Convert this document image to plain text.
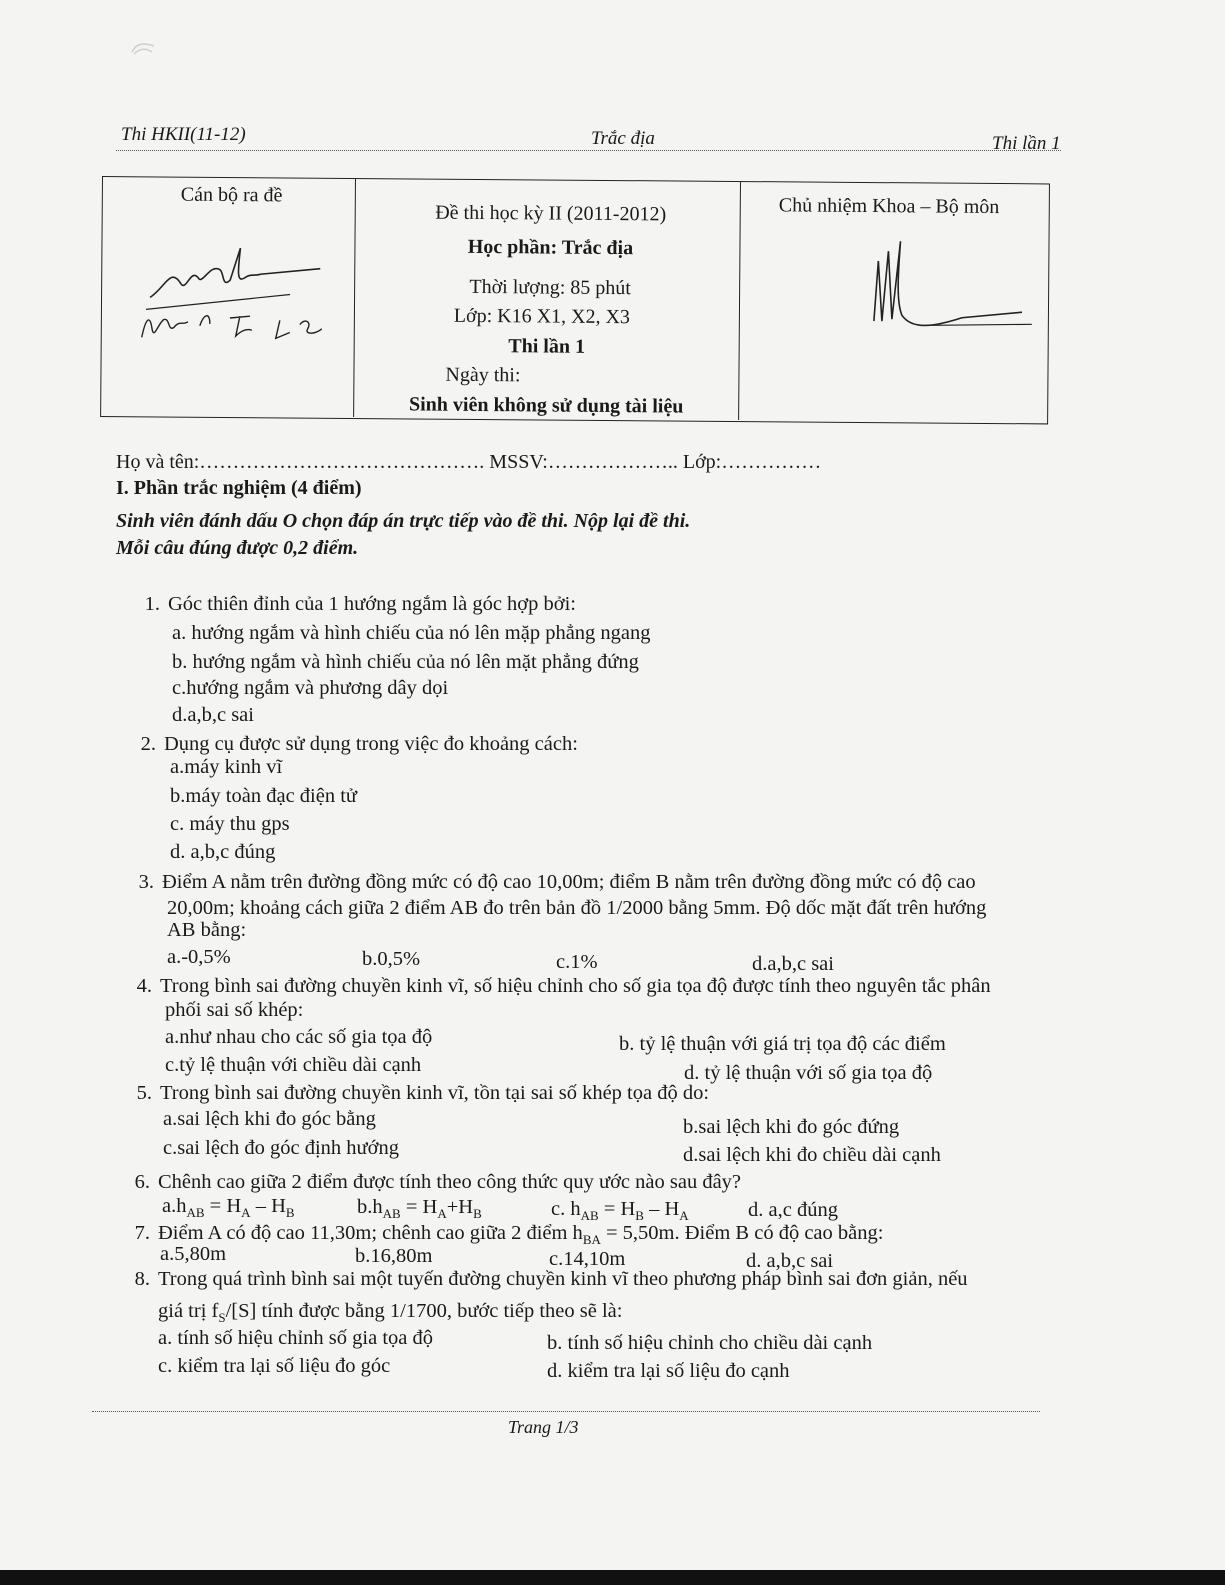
Thi HKII(11-12)	Trắc địa	Thi lần 1
Cán bộ ra đề
Đề thi học kỳ II (2011-2012)
Học phần: Trắc địa
Thời lượng: 85 phút
Lớp: K16 X1, X2, X3
Thi lần 1
Ngày thi:
Sinh viên không sử dụng tài liệu
Chủ nhiệm Khoa – Bộ môn
Họ và tên:……………………………………. MSSV:……………….. Lớp:……………
I. Phần trắc nghiệm (4 điểm)
Sinh viên đánh dấu O chọn đáp án trực tiếp vào đề thi. Nộp lại đề thi.
Mỗi câu đúng được 0,2 điểm.
1. Góc thiên đỉnh của 1 hướng ngắm là góc hợp bởi:
a. hướng ngắm và hình chiếu của nó lên mặp phẳng ngang
b. hướng ngắm và hình chiếu của nó lên mặt phẳng đứng
c.hướng ngắm và phương dây dọi
d.a,b,c sai
2. Dụng cụ được sử dụng trong việc đo khoảng cách:
a.máy kinh vĩ
b.máy toàn đạc điện tử
c. máy thu gps
d. a,b,c đúng
3. Điểm A nằm trên đường đồng mức có độ cao 10,00m; điểm B nằm trên đường đồng mức có độ cao
20,00m; khoảng cách giữa 2 điểm AB đo trên bản đồ 1/2000 bằng 5mm. Độ dốc mặt đất trên hướng
AB bằng:
a.-0,5%	b.0,5%	c.1%	d.a,b,c sai
4. Trong bình sai đường chuyền kinh vĩ, số hiệu chỉnh cho số gia tọa độ được tính theo nguyên tắc phân
phối sai số khép:
a.như nhau cho các số gia tọa độ	b. tỷ lệ thuận với giá trị tọa độ các điểm
c.tỷ lệ thuận với chiều dài cạnh	d. tỷ lệ thuận với số gia tọa độ
5. Trong bình sai đường chuyền kinh vĩ, tồn tại sai số khép tọa độ do:
a.sai lệch khi đo góc bằng	b.sai lệch khi đo góc đứng
c.sai lệch đo góc định hướng	d.sai lệch khi đo chiều dài cạnh
6. Chênh cao giữa 2 điểm được tính theo công thức quy ước nào sau đây?
$a.h_{AB} = H_A - H_B$	$b.h_{AB} = H_A+H_B$	c. $h_{AB} = H_B - H_A$	d. a,c đúng
7. Điểm A có độ cao 11,30m; chênh cao giữa 2 điểm $h_{BA} = 5,50m$. Điểm B có độ cao bằng:
a.5,80m	b.16,80m	c.14,10m	d. a,b,c sai
8. Trong quá trình bình sai một tuyến đường chuyền kinh vĩ theo phương pháp bình sai đơn giản, nếu
giá trị $f_S/[S]$ tính được bằng 1/1700, bước tiếp theo sẽ là:
a. tính số hiệu chỉnh số gia tọa độ	b. tính số hiệu chỉnh cho chiều dài cạnh
c. kiểm tra lại số liệu đo góc	d. kiểm tra lại số liệu đo cạnh
Trang 1/3
